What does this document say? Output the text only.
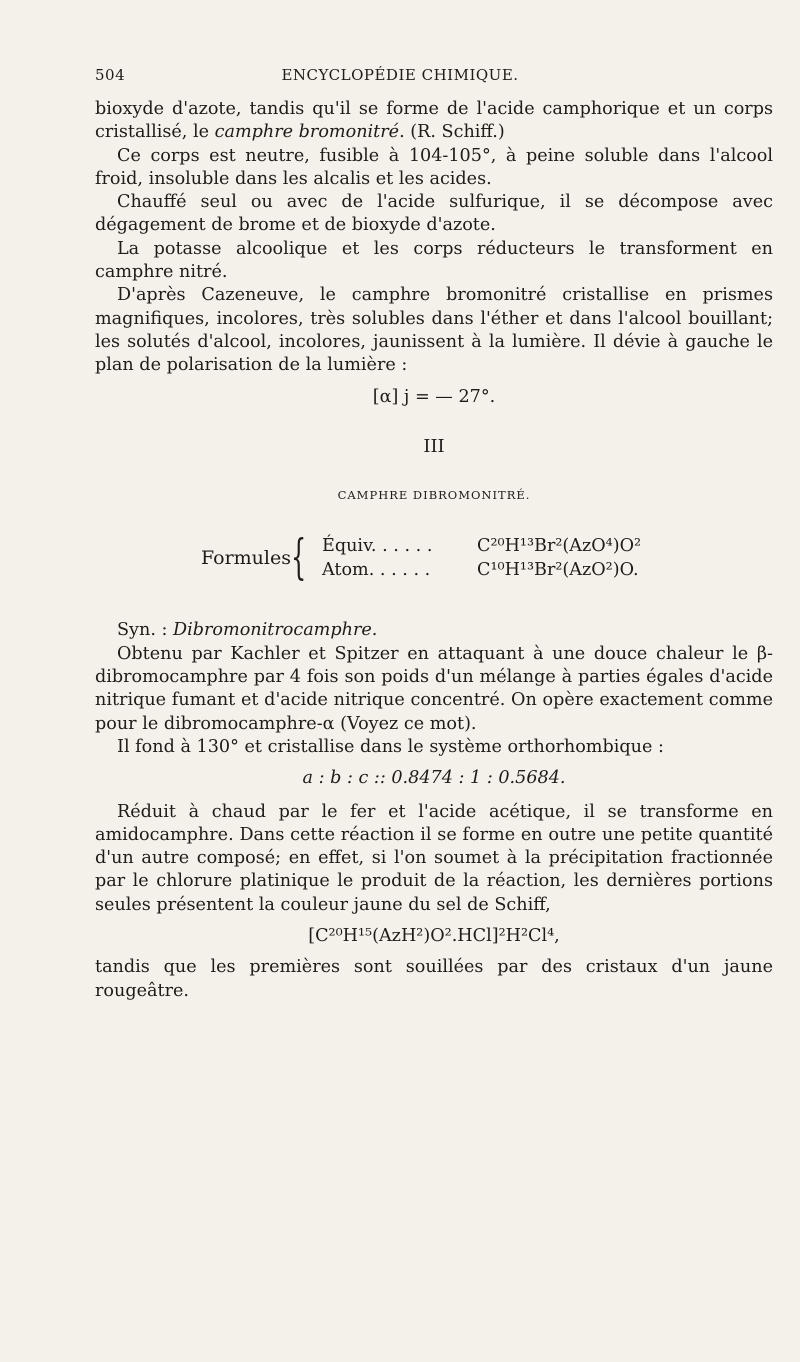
504	ENCYCLOPÉDIE CHIMIQUE.

bioxyde d'azote, tandis qu'il se forme de l'acide camphorique et un corps cristallisé, le camphre bromonitré. (R. Schiff.)

Ce corps est neutre, fusible à 104-105°, à peine soluble dans l'alcool froid, insoluble dans les alcalis et les acides.

Chauffé seul ou avec de l'acide sulfurique, il se décompose avec dégagement de brome et de bioxyde d'azote.

La potasse alcoolique et les corps réducteurs le transforment en camphre nitré.

D'après Cazeneuve, le camphre bromonitré cristallise en prismes magnifiques, incolores, très solubles dans l'éther et dans l'alcool bouillant; les solutés d'alcool, incolores, jaunissent à la lumière. Il dévie à gauche le plan de polarisation de la lumière :

[α] j = — 27°.
III
CAMPHRE DIBROMONITRÉ.
Formules { Équiv. . . . . .	C²⁰H¹³Br²(AzO⁴)O²
Atom. . . . . .	C¹⁰H¹³Br²(AzO²)O.

Syn. : Dibromonitrocamphre.

Obtenu par Kachler et Spitzer en attaquant à une douce chaleur le β-dibromocamphre par 4 fois son poids d'un mélange à parties égales d'acide nitrique fumant et d'acide nitrique concentré. On opère exactement comme pour le dibromocamphre-α (Voyez ce mot).

Il fond à 130° et cristallise dans le système orthorhombique :

a : b : c :: 0.8474 : 1 : 0.5684.

Réduit à chaud par le fer et l'acide acétique, il se transforme en amidocamphre. Dans cette réaction il se forme en outre une petite quantité d'un autre composé; en effet, si l'on soumet à la précipitation fractionnée par le chlorure platinique le produit de la réaction, les dernières portions seules présentent la couleur jaune du sel de Schiff,

[C²⁰H¹⁵(AzH²)O².HCl]²H²Cl⁴,

tandis que les premières sont souillées par des cristaux d'un jaune rougeâtre.
